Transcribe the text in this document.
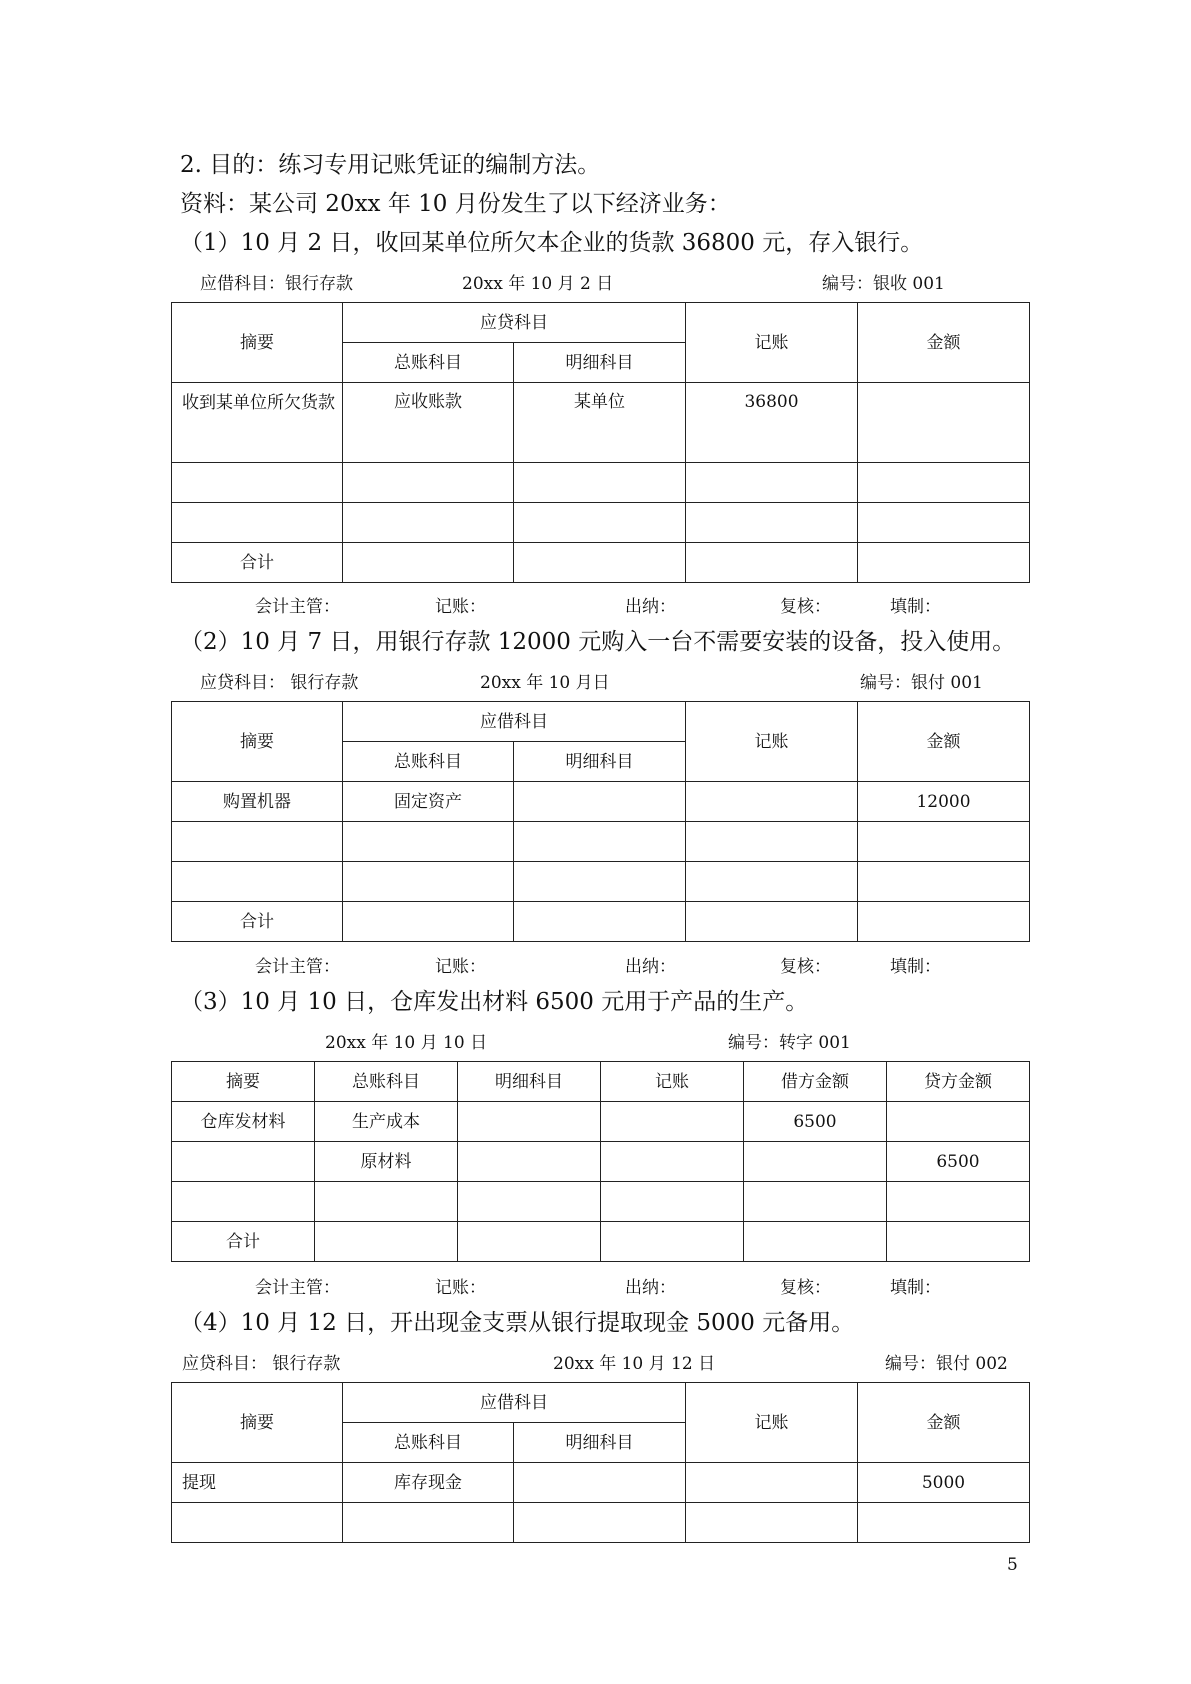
2. 目的：练习专用记账凭证的编制方法。
资料：某公司 20xx 年 10 月份发生了以下经济业务：
（1）10 月 2 日，收回某单位所欠本企业的货款 36800 元，存入银行。
应借科目：银行存款	20xx 年 10 月 2 日	编号：银收 001
摘要	应贷科目		记账	金额
	总账科目	明细科目		
收到某单位所欠货款	应收账款	某单位	36800	

合计				
会计主管：	记账：	出纳：	复核：	填制：
（2）10 月 7 日，用银行存款 12000 元购入一台不需要安装的设备，投入使用。
应贷科目： 银行存款	20xx 年 10 月日	编号：银付 001
摘要	应借科目		记账	金额
	总账科目	明细科目		
购置机器	固定资产			12000

合计				
会计主管：	记账：	出纳：	复核：	填制：
（3）10 月 10 日，仓库发出材料 6500 元用于产品的生产。
20xx 年 10 月 10 日	编号：转字 001
摘要	总账科目	明细科目	记账	借方金额	贷方金额
仓库发材料	生产成本			6500	
	原材料				6500

合计					
会计主管：	记账：	出纳：	复核：	填制：
（4）10 月 12 日，开出现金支票从银行提取现金 5000 元备用。
应贷科目： 银行存款	20xx 年 10 月 12 日	编号：银付 002
摘要	应借科目		记账	金额
	总账科目	明细科目		
提现	库存现金			5000

5
